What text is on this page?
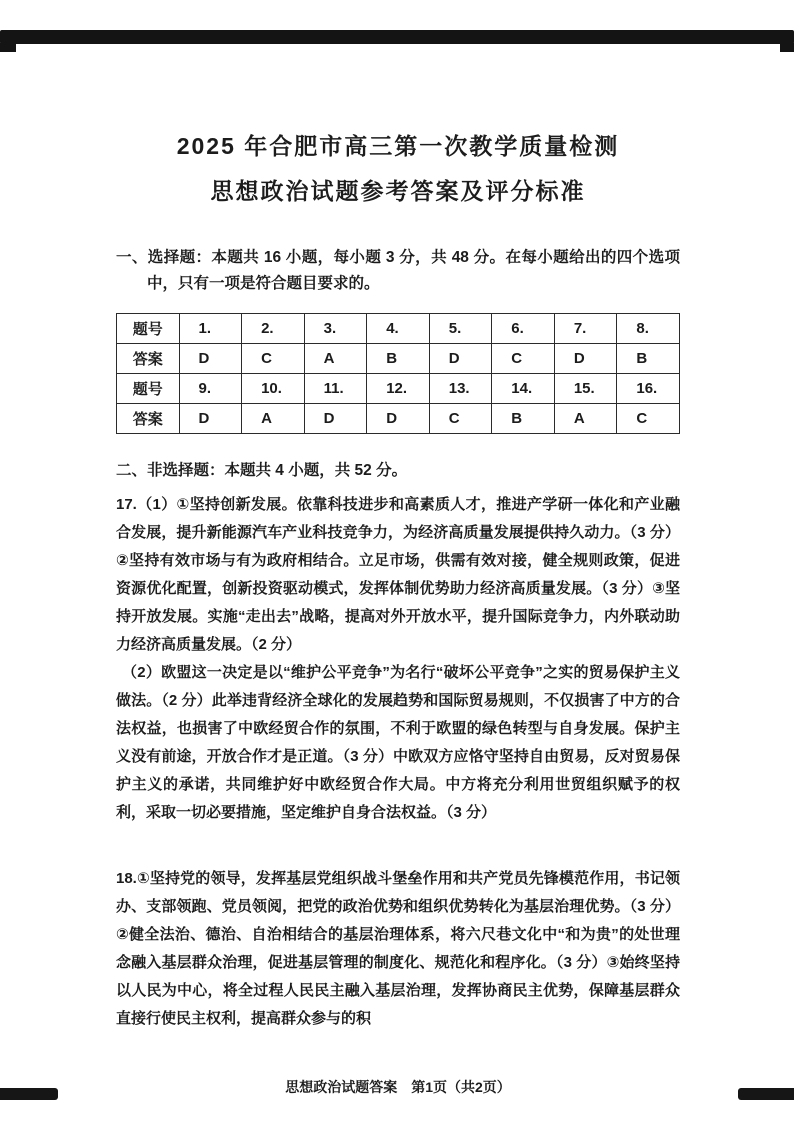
2025 年合肥市高三第一次教学质量检测
思想政治试题参考答案及评分标准

一、选择题：本题共 16 小题，每小题 3 分，共 48 分。在每小题给出的四个选项中，只有一项是符合题目要求的。

题号	1.	2.	3.	4.	5.	6.	7.	8.
答案	D	C	A	B	D	C	D	B
题号	9.	10.	11.	12.	13.	14.	15.	16.
答案	D	A	D	D	C	B	A	C

二、非选择题：本题共 4 小题，共 52 分。

17.（1）①坚持创新发展。依靠科技进步和高素质人才，推进产学研一体化和产业融合发展，提升新能源汽车产业科技竞争力，为经济高质量发展提供持久动力。（3 分）②坚持有效市场与有为政府相结合。立足市场，供需有效对接，健全规则政策，促进资源优化配置，创新投资驱动模式，发挥体制优势助力经济高质量发展。（3 分）③坚持开放发展。实施“走出去”战略，提高对外开放水平，提升国际竞争力，内外联动助力经济高质量发展。（2 分）

（2）欧盟这一决定是以“维护公平竞争”为名行“破坏公平竞争”之实的贸易保护主义做法。（2 分）此举违背经济全球化的发展趋势和国际贸易规则，不仅损害了中方的合法权益，也损害了中欧经贸合作的氛围，不利于欧盟的绿色转型与自身发展。保护主义没有前途，开放合作才是正道。（3 分）中欧双方应恪守坚持自由贸易，反对贸易保护主义的承诺，共同维护好中欧经贸合作大局。中方将充分利用世贸组织赋予的权利，采取一切必要措施，坚定维护自身合法权益。（3 分）

18.①坚持党的领导，发挥基层党组织战斗堡垒作用和共产党员先锋模范作用，书记领办、支部领跑、党员领阅，把党的政治优势和组织优势转化为基层治理优势。（3 分）②健全法治、德治、自治相结合的基层治理体系，将六尺巷文化中“和为贵”的处世理念融入基层群众治理，促进基层管理的制度化、规范化和程序化。（3 分）③始终坚持以人民为中心，将全过程人民民主融入基层治理，发挥协商民主优势，保障基层群众直接行使民主权利，提高群众参与的积

思想政治试题答案　第1页（共2页）
